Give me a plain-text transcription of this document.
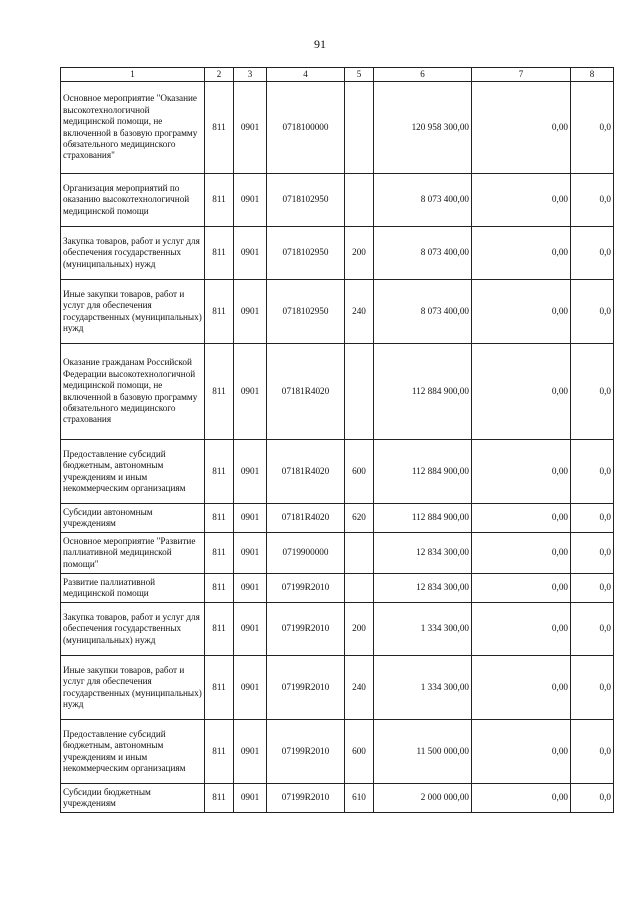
91
1	2	3	4	5	6	7	8
Основное мероприятие "Оказание высокотехнологичной медицинской помощи, не включенной в базовую программу обязательного медицинского страхования"	811	0901	0718100000		120 958 300,00	0,00	0,0
Организация мероприятий по оказанию высокотехнологичной медицинской помощи	811	0901	0718102950		8 073 400,00	0,00	0,0
Закупка товаров, работ и услуг для обеспечения государственных (муниципальных) нужд	811	0901	0718102950	200	8 073 400,00	0,00	0,0
Иные закупки товаров, работ и услуг для обеспечения государственных (муниципальных) нужд	811	0901	0718102950	240	8 073 400,00	0,00	0,0
Оказание гражданам Российской Федерации высокотехнологичной медицинской помощи, не включенной в базовую программу обязательного медицинского страхования	811	0901	07181R4020		112 884 900,00	0,00	0,0
Предоставление субсидий бюджетным, автономным учреждениям и иным некоммерческим организациям	811	0901	07181R4020	600	112 884 900,00	0,00	0,0
Субсидии автономным учреждениям	811	0901	07181R4020	620	112 884 900,00	0,00	0,0
Основное мероприятие "Развитие паллиативной медицинской помощи"	811	0901	0719900000		12 834 300,00	0,00	0,0
Развитие паллиативной медицинской помощи	811	0901	07199R2010		12 834 300,00	0,00	0,0
Закупка товаров, работ и услуг для обеспечения государственных (муниципальных) нужд	811	0901	07199R2010	200	1 334 300,00	0,00	0,0
Иные закупки товаров, работ и услуг для обеспечения государственных (муниципальных) нужд	811	0901	07199R2010	240	1 334 300,00	0,00	0,0
Предоставление субсидий бюджетным, автономным учреждениям и иным некоммерческим организациям	811	0901	07199R2010	600	11 500 000,00	0,00	0,0
Субсидии бюджетным учреждениям	811	0901	07199R2010	610	2 000 000,00	0,00	0,0
